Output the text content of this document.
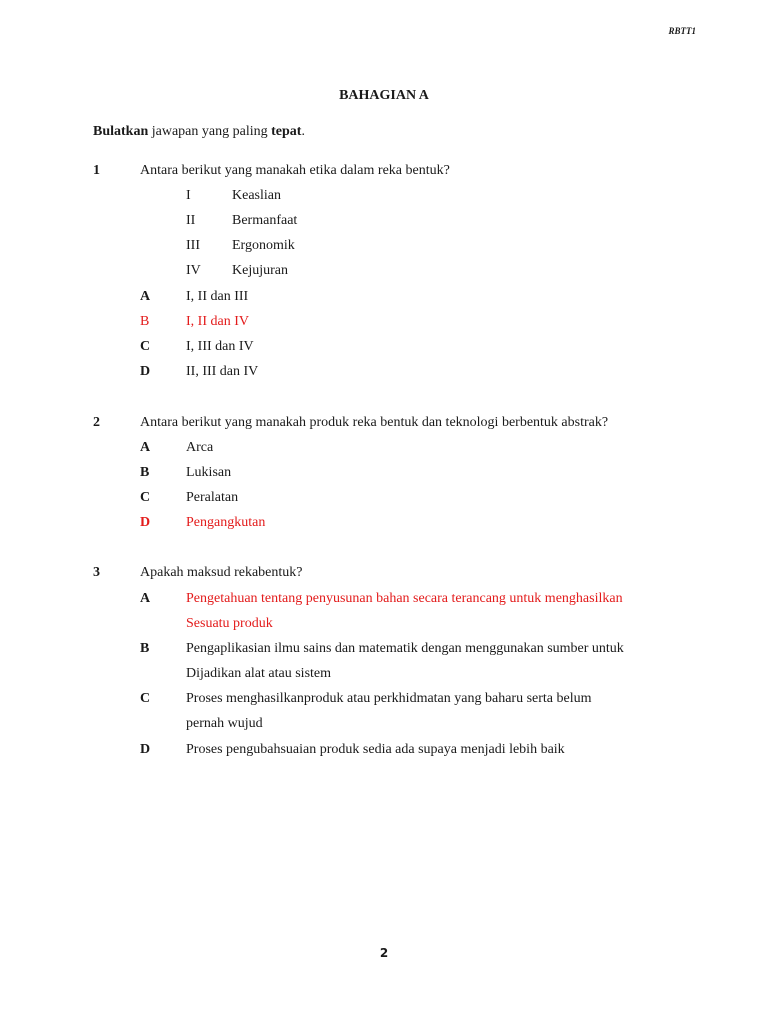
RBTT1
BAHAGIAN A
Bulatkan jawapan yang paling tepat.
1	Antara berikut yang manakah etika dalam reka bentuk?
I	Keaslian
II	Bermanfaat
III Ergonomik
IV Kejujuran
A	I, II dan III
B	I, II dan IV
C	I, III dan IV
D	II, III dan IV
2	Antara berikut yang manakah produk reka bentuk dan teknologi berbentuk abstrak?
A	Arca
B	Lukisan
C	Peralatan
D	Pengangkutan
3	Apakah maksud rekabentuk?
A	Pengetahuan tentang penyusunan bahan secara terancang untuk menghasilkan
Sesuatu produk
B	Pengaplikasian ilmu sains dan matematik dengan menggunakan sumber untuk
Dijadikan alat atau sistem
C	Proses menghasilkanproduk atau perkhidmatan yang baharu serta belum
pernah wujud
D	Proses pengubahsuaian produk sedia ada supaya menjadi lebih baik
2
